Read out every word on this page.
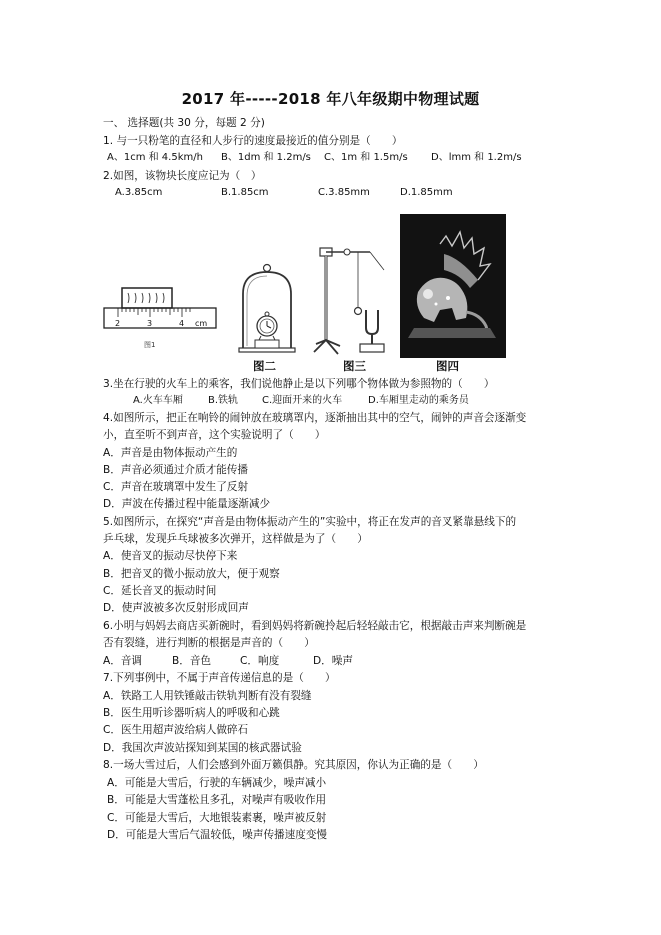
2017 年-----2018 年八年级期中物理试题
一、 选择题(共 30 分，每题 2 分)
1. 与一只粉笔的直径和人步行的速度最接近的值分别是（　　）
A、1cm 和 4.5km/h B、1dm 和 1.2m/s C、1m 和 1.5m/s D、lmm 和 1.2m/s
2.如图，该物块长度应记为（　）
A.3.85cm	B.1.85cm	C.3.85mm	D.1.85mm
2	3	4 cm
图1
图二	图三	图四
3.坐在行驶的火车上的乘客，我们说他静止是以下列哪个物体做为参照物的（　　）
A.火车车厢	B.铁轨 C.迎面开来的火车	D.车厢里走动的乘务员
4.如图所示，把正在响铃的闹钟放在玻璃罩内，逐渐抽出其中的空气，闹钟的声音会逐渐变
小，直至听不到声音，这个实验说明了（　　）
A．声音是由物体振动产生的
B．声音必须通过介质才能传播
C．声音在玻璃罩中发生了反射
D．声波在传播过程中能量逐渐减少
5.如图所示，在探究“声音是由物体振动产生的”实验中，将正在发声的音叉紧靠悬线下的
乒乓球，发现乒乓球被多次弹开，这样做是为了（　　）
A．使音叉的振动尽快停下来
B．把音叉的微小振动放大，便于观察
C．延长音叉的振动时间
D．使声波被多次反射形成回声
6.小明与妈妈去商店买新碗时，看到妈妈将新碗拎起后轻轻敲击它，根据敲击声来判断碗是
否有裂缝，进行判断的根据是声音的（　　）
A．音调	B．音色	C．响度	D．噪声
7.下列事例中，不属于声音传递信息的是（　　）
A．铁路工人用铁锤敲击铁轨判断有没有裂缝
B．医生用听诊器听病人的呼吸和心跳
C．医生用超声波给病人做碎石
D．我国次声波站探知到某国的核武器试验
8.一场大雪过后，人们会感到外面万籁俱静。究其原因，你认为正确的是（　　）
A．可能是大雪后，行驶的车辆减少，噪声减小
B．可能是大雪蓬松且多孔，对噪声有吸收作用
C．可能是大雪后，大地银装素裹，噪声被反射
D．可能是大雪后气温较低，噪声传播速度变慢
